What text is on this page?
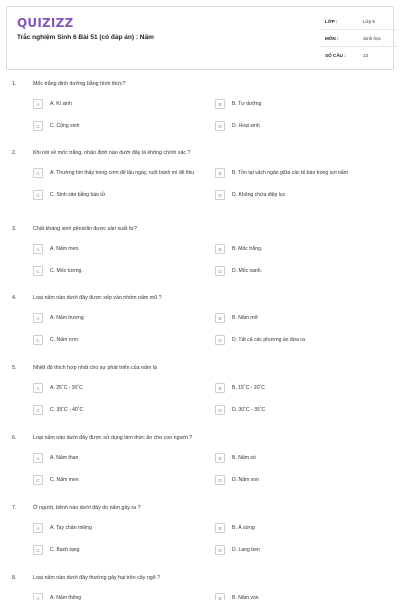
QUIZIZZ
Trắc nghiệm Sinh 6 Bài 51 (có đáp án) : Nấm
LỚP :	Lớp 6
MÔN :	Sinh học
SỐ CÂU :	13
1.	Mốc trắng dinh dưỡng bằng hình thức?
A	A. Kí sinh	B	B. Tự dưỡng
C	C. Cộng sinh	D	D. Hoại sinh
2.	Khi nói về mốc trắng, nhận định nào dưới đây là không chính xác ?
A	A. Thường tìm thấy trong cơm để lâu ngày, ruột bánh mì để thiu	B	B. Tồn tại vách ngăn giữa các tế bào trong sợi nấm
C	C. Sinh sản bằng bào tử	D	D. Không chứa diệp lục
3.	Chất kháng sinh pênixilin được sản xuất từ?
A	A. Nấm men.	B	B. Mốc trắng.
C	C. Mốc tương.	D	D. Mốc xanh.
4.	Loại nấm nào dưới đây được xếp vào nhóm nấm mũ ?
A	A. Nấm hương	B	B. Nấm mỡ
C	C. Nấm rơm	D	D. Tất cả các phương án đưa ra
5.	Nhiệt độ thích hợp nhất cho sự phát triển của nấm là
A	A. 25˚C - 30˚C	B	B. 15˚C - 20˚C
C	C. 35˚C - 40˚C	D	D. 30˚C - 35˚C
6.	Loại nấm nào dưới đây được sử dụng làm thức ăn cho con người ?
A	A. Nấm than	B	B. Nấm sò
C	C. Nấm men	D	D. Nấm von
7.	Ở người, bệnh nào dưới đây do nấm gây ra ?
A	A. Tay chân miệng	B	B. Á sừng
C	C. Bạch tạng	D	D. Lang ben
8.	Loại nấm nào dưới đây thường gây hại trên cây ngô ?
A	A. Nấm thông	B	B. Nấm von
